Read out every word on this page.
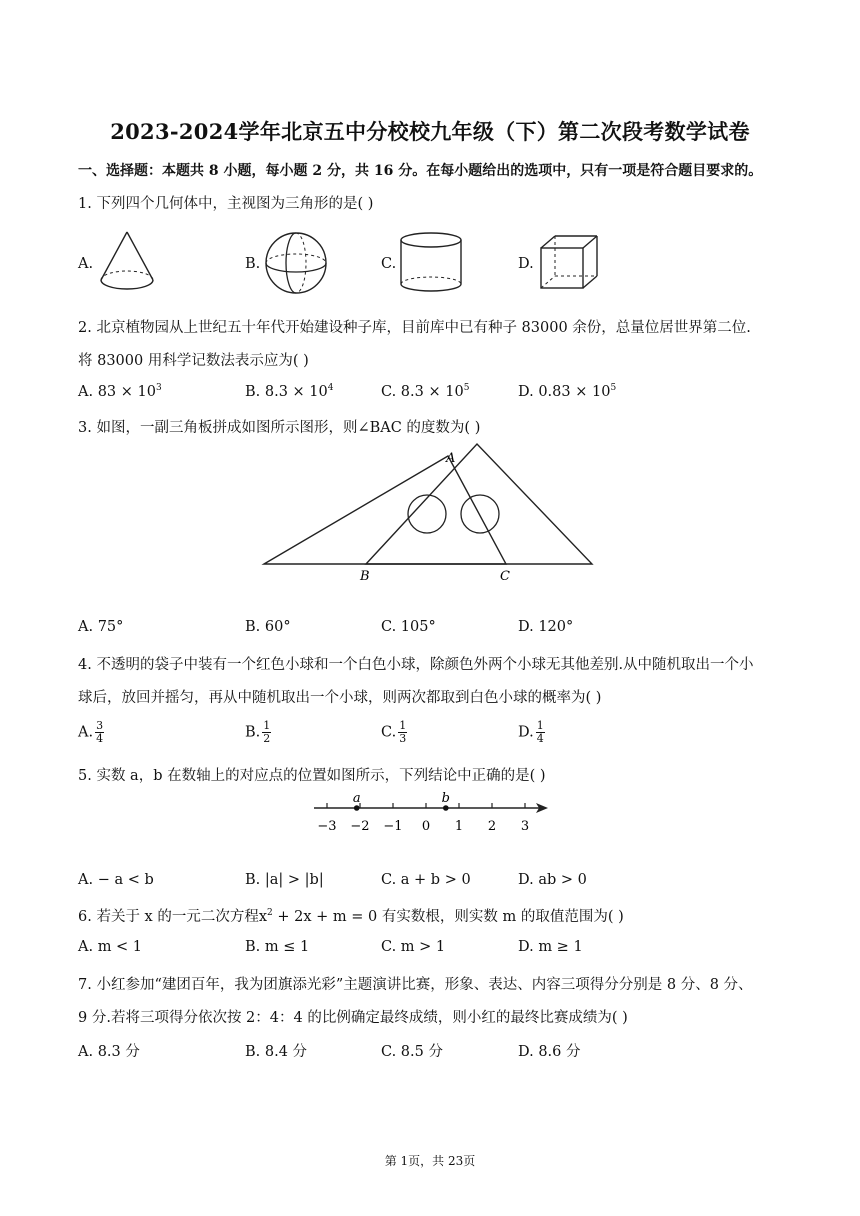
2023-2024学年北京五中分校校九年级（下）第二次段考数学试卷
一、选择题：本题共 8 小题，每小题 2 分，共 16 分。在每小题给出的选项中，只有一项是符合题目要求的。
1. 下列四个几何体中，主视图为三角形的是( )
A.	B.	C.	D.
2. 北京植物园从上世纪五十年代开始建设种子库，目前库中已有种子 83000 余份，总量位居世界第二位.
将 83000 用科学记数法表示应为( )
A. $83 \times 10^3$	B. $8.3 \times 10^4$	C. $8.3 \times 10^5$	D. $0.83 \times 10^5$
3. 如图，一副三角板拼成如图所示图形，则∠BAC 的度数为( )
A
B	C
A. 75°	B. 60°	C. 105°	D. 120°
4. 不透明的袋子中装有一个红色小球和一个白色小球，除颜色外两个小球无其他差别.从中随机取出一个小
球后，放回并摇匀，再从中随机取出一个小球，则两次都取到白色小球的概率为( )
A. $\frac{3}{4}$	B. $\frac{1}{2}$	C. $\frac{1}{3}$	D. $\frac{1}{4}$
5. 实数 a，b 在数轴上的对应点的位置如图所示，下列结论中正确的是( )
−3 −2 −1 0 1 2 3
a	b
A. − a < b	B. |a| > |b|	C. a + b > 0	D. ab > 0
6. 若关于 x 的一元二次方程$x^2 + 2x + m = 0$ 有实数根，则实数 m 的取值范围为( )
A. m < 1	B. m ≤ 1	C. m > 1	D. m ≥ 1
7. 小红参加“建团百年，我为团旗添光彩”主题演讲比赛，形象、表达、内容三项得分分别是 8 分、8 分、
9 分.若将三项得分依次按 2：4：4 的比例确定最终成绩，则小红的最终比赛成绩为( )
A. 8.3 分	B. 8.4 分	C. 8.5 分	D. 8.6 分
第 1页，共 23页
